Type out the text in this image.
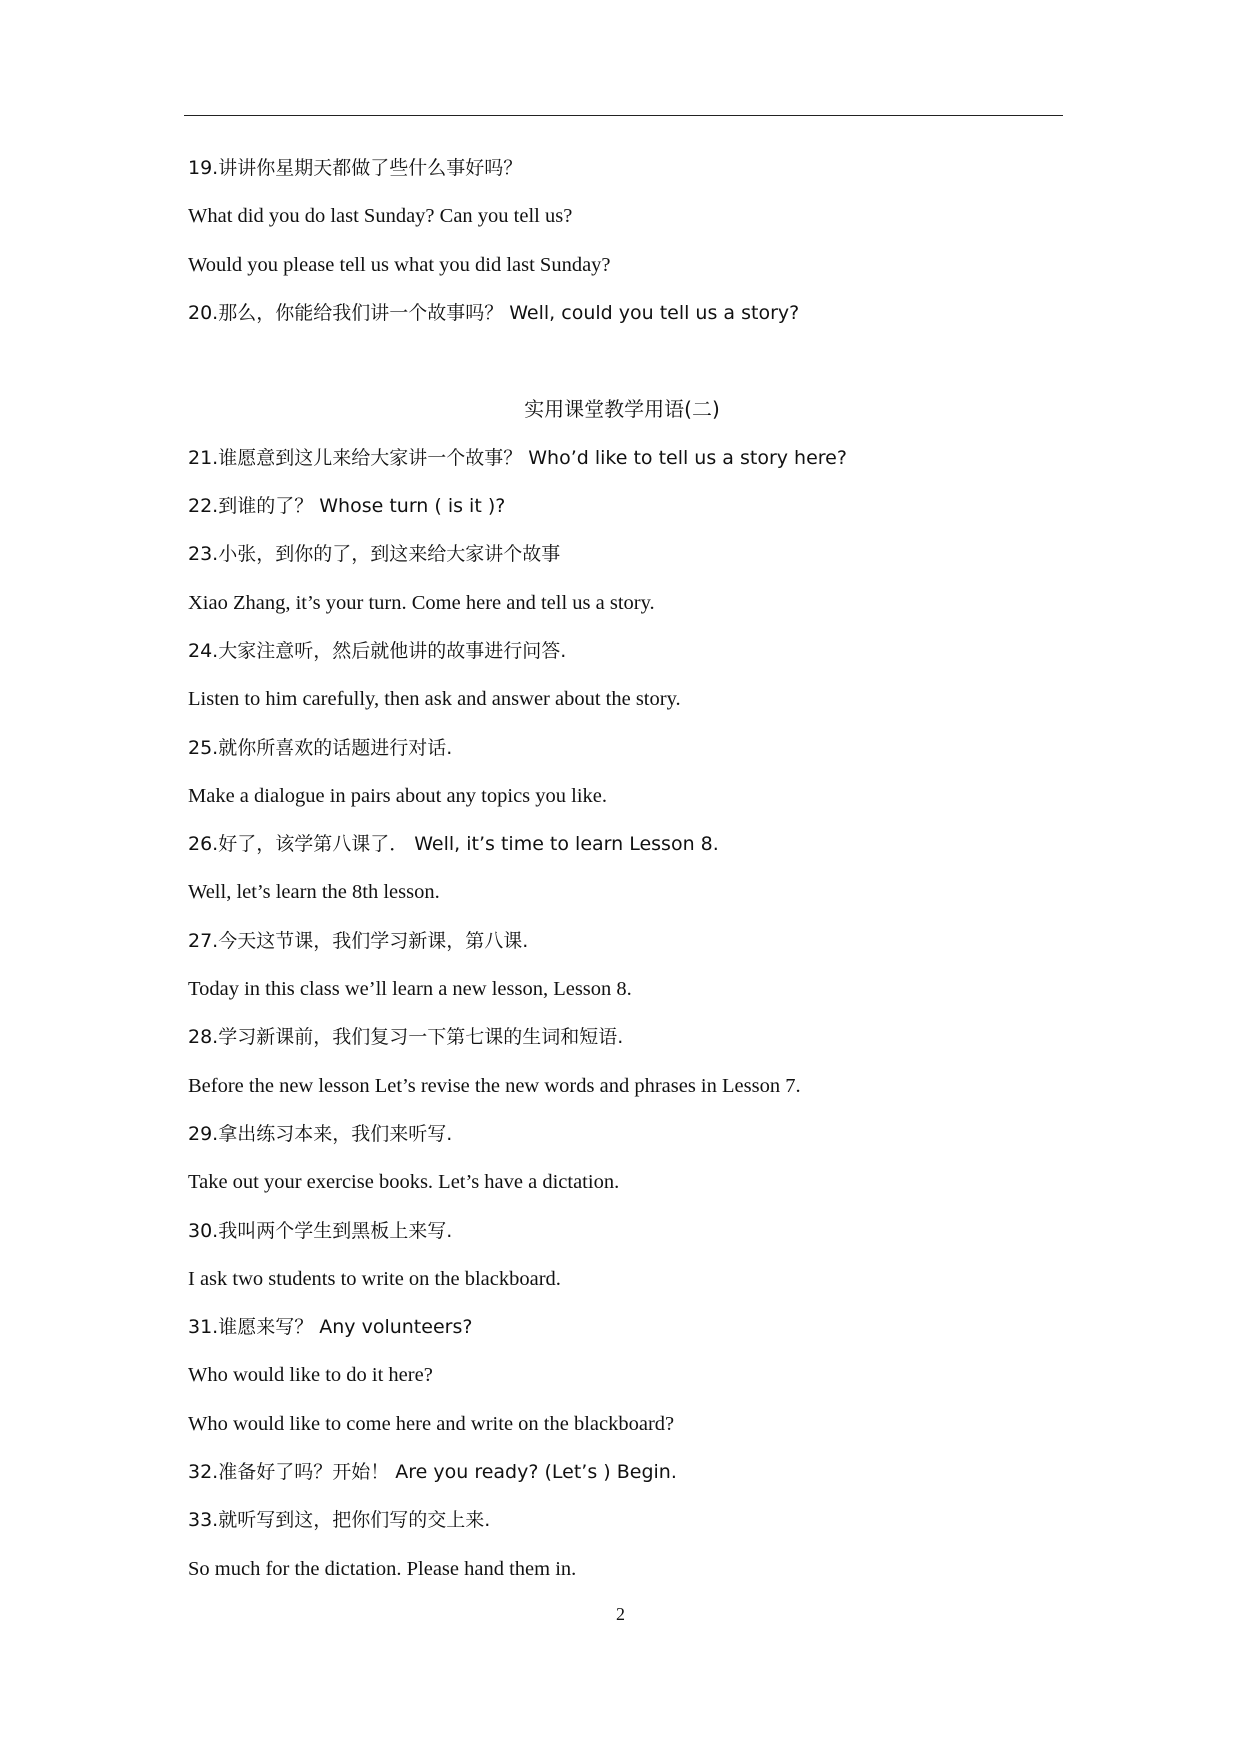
19.讲讲你星期天都做了些什么事好吗？
What did you do last Sunday? Can you tell us?
Would you please tell us what you did last Sunday?
20.那么，你能给我们讲一个故事吗？ Well, could you tell us a story?
实用课堂教学用语(二)
21.谁愿意到这儿来给大家讲一个故事？ Who’d like to tell us a story here?
22.到谁的了？ Whose turn ( is it )?
23.小张，到你的了，到这来给大家讲个故事
Xiao Zhang, it’s your turn. Come here and tell us a story.
24.大家注意听，然后就他讲的故事进行问答.
Listen to him carefully, then ask and answer about the story.
25.就你所喜欢的话题进行对话.
Make a dialogue in pairs about any topics you like.
26.好了，该学第八课了． Well, it’s time to learn Lesson 8.
Well, let’s learn the 8th lesson.
27.今天这节课，我们学习新课，第八课.
Today in this class we’ll learn a new lesson, Lesson 8.
28.学习新课前，我们复习一下第七课的生词和短语.
Before the new lesson Let’s revise the new words and phrases in Lesson 7.
29.拿出练习本来，我们来听写.
Take out your exercise books. Let’s have a dictation.
30.我叫两个学生到黑板上来写.
I ask two students to write on the blackboard.
31.谁愿来写？ Any volunteers?
Who would like to do it here?
Who would like to come here and write on the blackboard?
32.准备好了吗？开始！ Are you ready? (Let’s ) Begin.
33.就听写到这，把你们写的交上来.
So much for the dictation. Please hand them in.
2
